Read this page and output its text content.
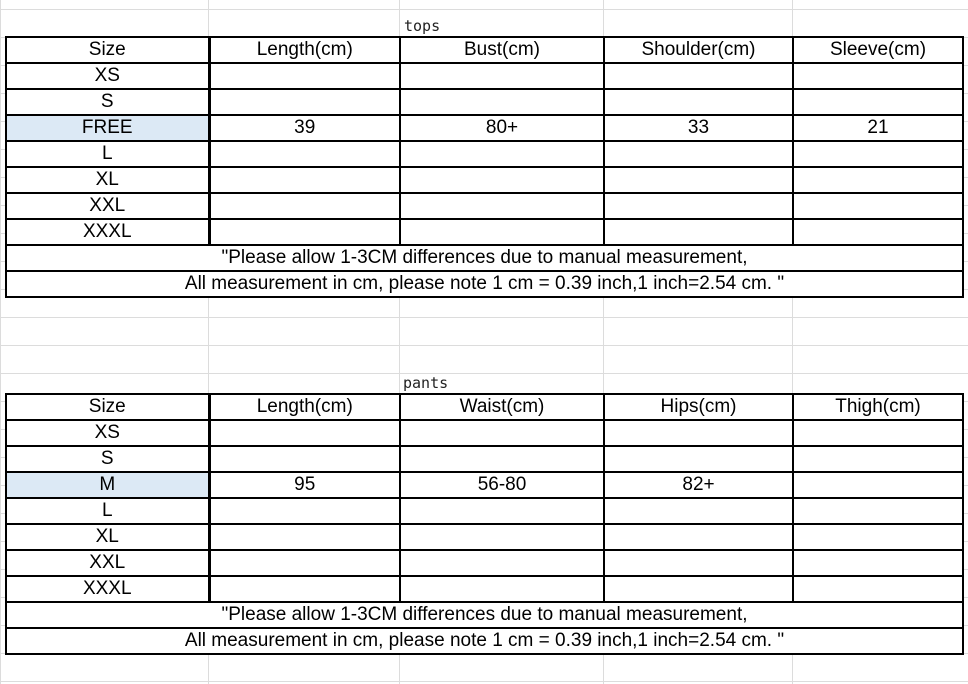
tops
Size	Length(cm)	Bust(cm)	Shoulder(cm)	Sleeve(cm)
XS				
S				
FREE	39	80+	33	21
L				
XL				
XXL				
XXXL				
"Please allow 1-3CM differences due to manual measurement,				
All measurement in cm, please note 1 cm = 0.39 inch,1 inch=2.54 cm. "				
pants
Size	Length(cm)	Waist(cm)	Hips(cm)	Thigh(cm)
XS				
S				
M	95	56-80	82+	
L				
XL				
XXL				
XXXL				
"Please allow 1-3CM differences due to manual measurement,				
All measurement in cm, please note 1 cm = 0.39 inch,1 inch=2.54 cm. "				
